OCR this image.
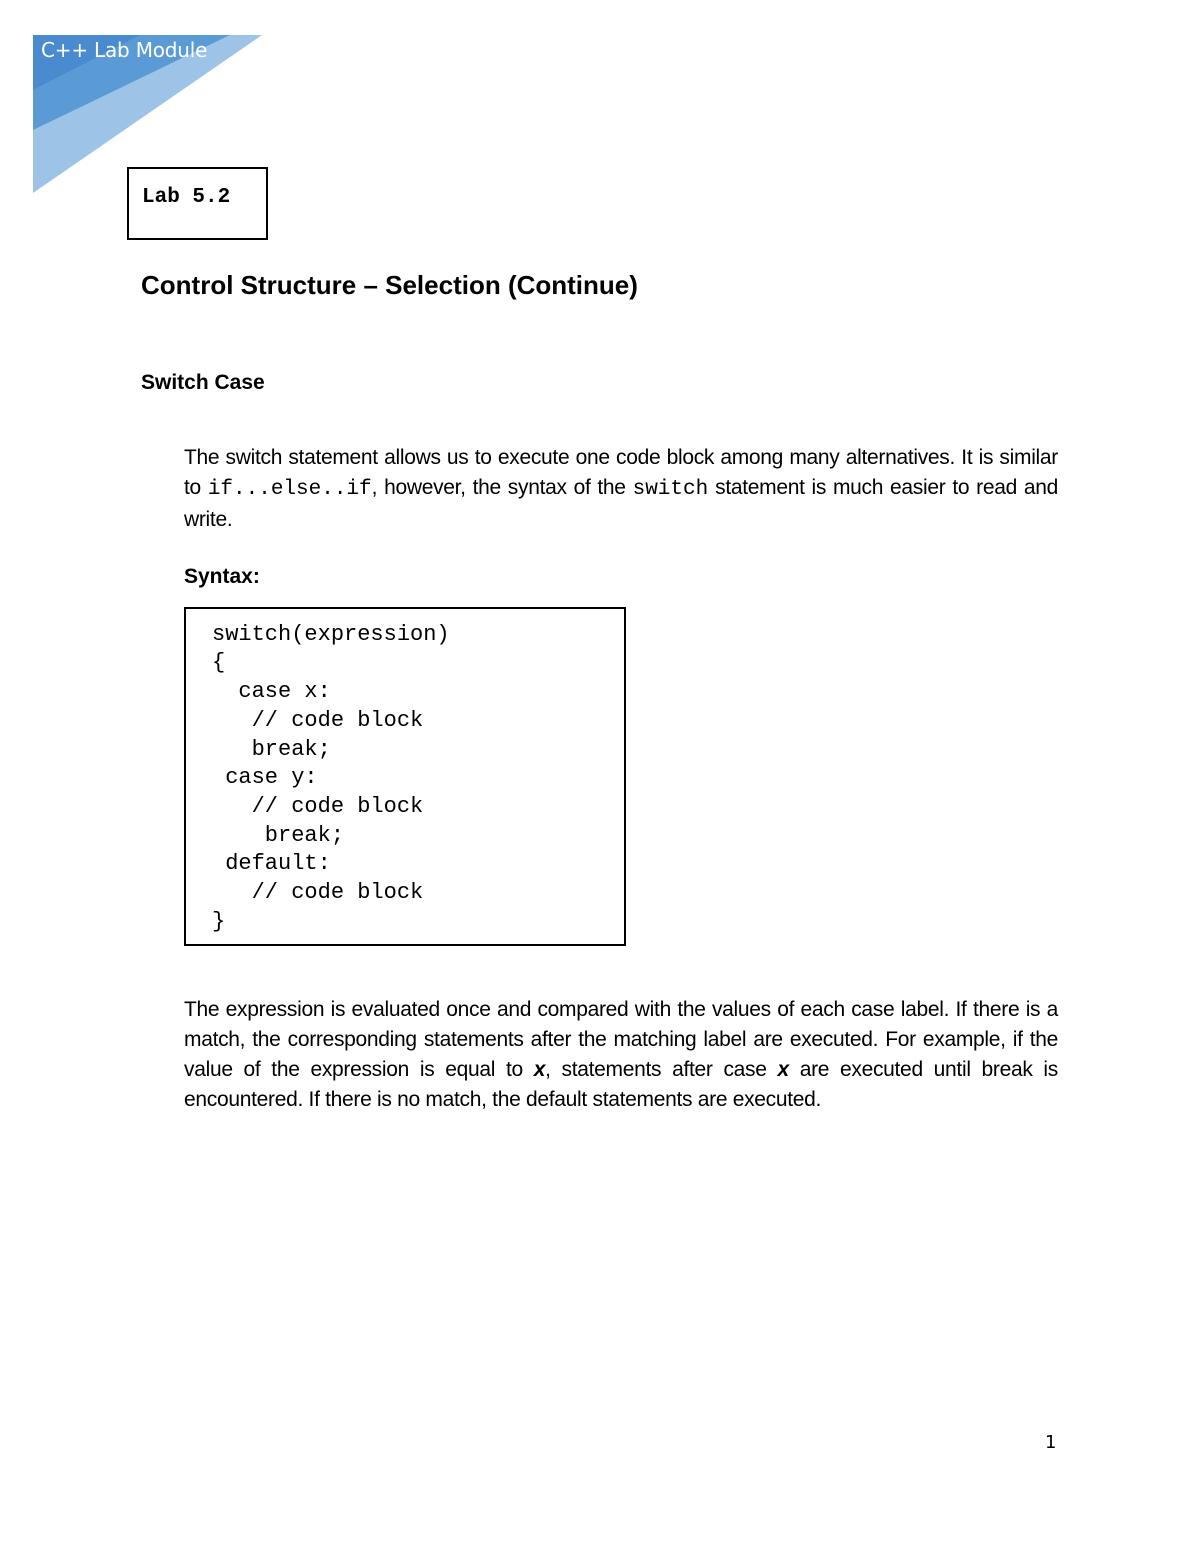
C++ Lab Module
Lab 5.2
Control Structure – Selection (Continue)
Switch Case
The switch statement allows us to execute one code block among many alternatives. It is similar to if...else..if, however, the syntax of the switch statement is much easier to read and write.
Syntax:
switch(expression)
{
case x:
// code block
break;
case y:
// code block
break;
default:
// code block
}
The expression is evaluated once and compared with the values of each case label. If there is a match, the corresponding statements after the matching label are executed. For example, if the value of the expression is equal to x, statements after case x are executed until break is encountered. If there is no match, the default statements are executed.
1
